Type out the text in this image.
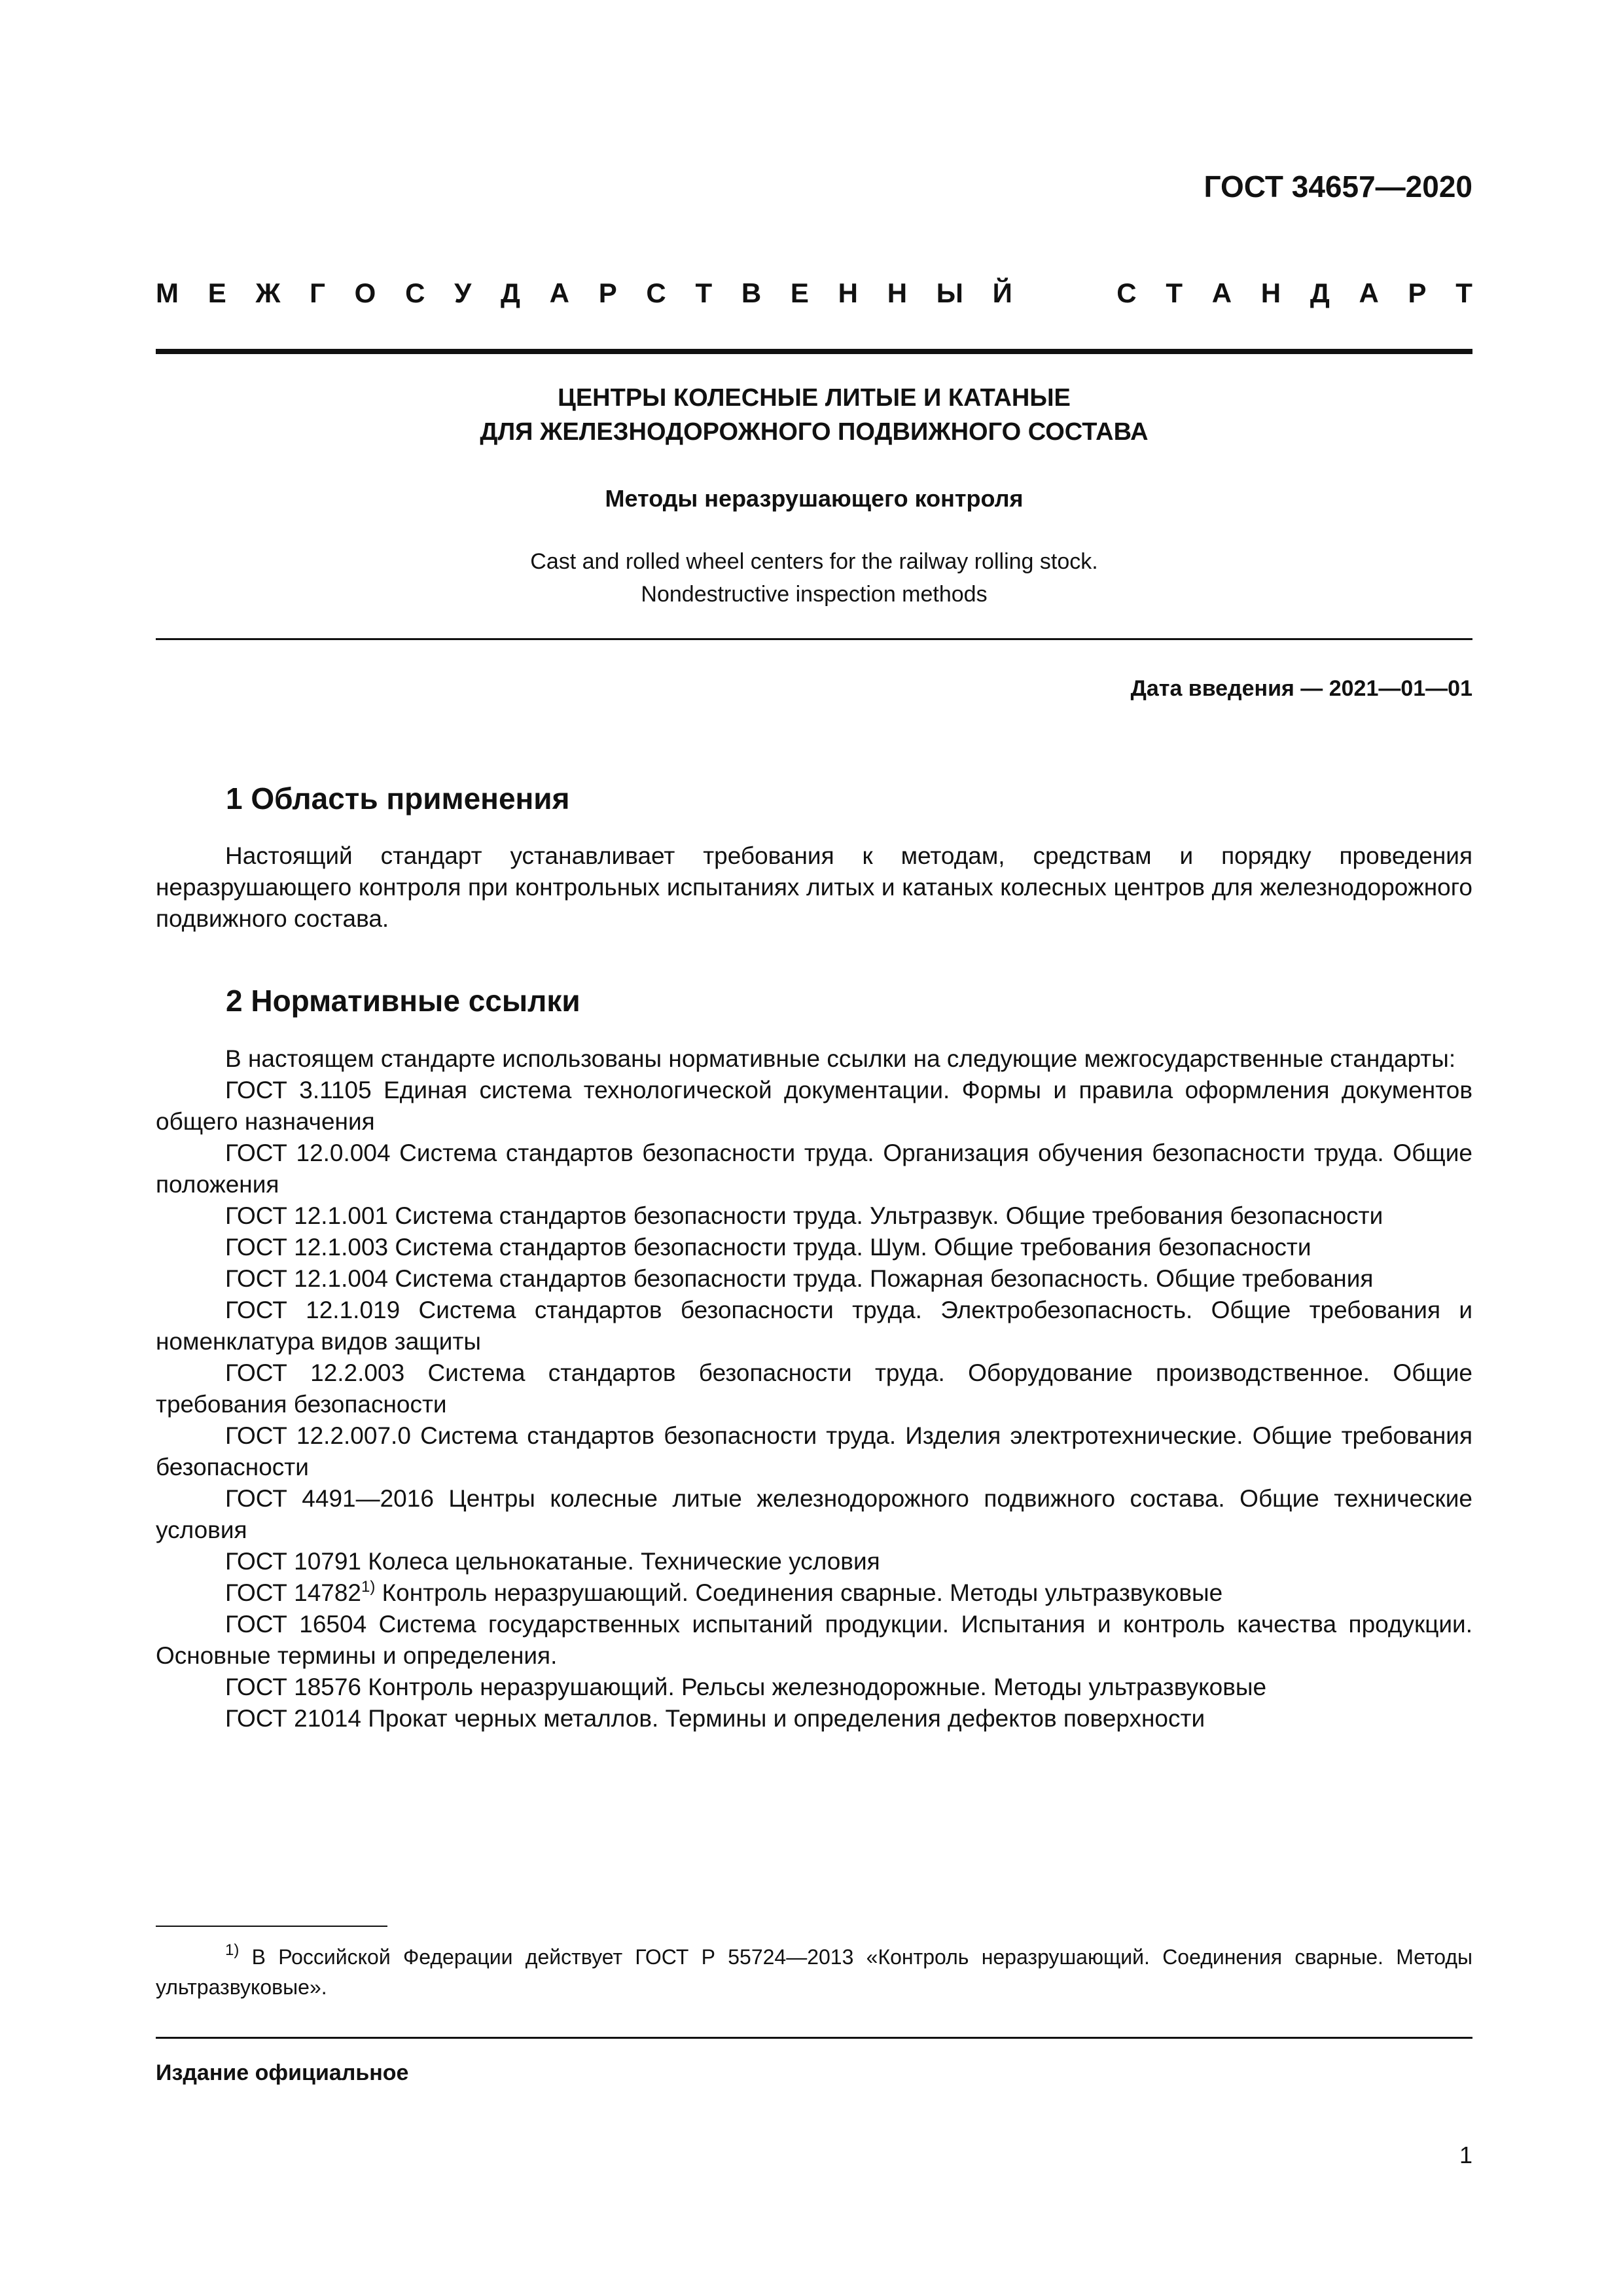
ГОСТ 34657—2020
М Е Ж Г О С У Д А Р С Т В Е Н Н Ы Й	С Т А Н Д А Р Т
ЦЕНТРЫ КОЛЕСНЫЕ ЛИТЫЕ И КАТАНЫЕ
ДЛЯ ЖЕЛЕЗНОДОРОЖНОГО ПОДВИЖНОГО СОСТАВА
Методы неразрушающего контроля
Cast and rolled wheel centers for the railway rolling stock.
Nondestructive inspection methods
Дата введения — 2021—01—01
1 Область применения

Настоящий стандарт устанавливает требования к методам, средствам и порядку проведения неразрушающего контроля при контрольных испытаниях литых и катаных колесных центров для железнодорожного подвижного состава.

2 Нормативные ссылки

В настоящем стандарте использованы нормативные ссылки на следующие межгосударственные стандарты:

ГОСТ 3.1105 Единая система технологической документации. Формы и правила оформления документов общего назначения

ГОСТ 12.0.004 Система стандартов безопасности труда. Организация обучения безопасности труда. Общие положения

ГОСТ 12.1.001 Система стандартов безопасности труда. Ультразвук. Общие требования безопасности

ГОСТ 12.1.003 Система стандартов безопасности труда. Шум. Общие требования безопасности

ГОСТ 12.1.004 Система стандартов безопасности труда. Пожарная безопасность. Общие требования

ГОСТ 12.1.019 Система стандартов безопасности труда. Электробезопасность. Общие требования и номенклатура видов защиты

ГОСТ 12.2.003 Система стандартов безопасности труда. Оборудование производственное. Общие требования безопасности

ГОСТ 12.2.007.0 Система стандартов безопасности труда. Изделия электротехнические. Общие требования безопасности

ГОСТ 4491—2016 Центры колесные литые железнодорожного подвижного состава. Общие технические условия

ГОСТ 10791 Колеса цельнокатаные. Технические условия

ГОСТ 14782$^{1)}$ Контроль неразрушающий. Соединения сварные. Методы ультразвуковые

ГОСТ 16504 Система государственных испытаний продукции. Испытания и контроль качества продукции. Основные термины и определения.

ГОСТ 18576 Контроль неразрушающий. Рельсы железнодорожные. Методы ультразвуковые

ГОСТ 21014 Прокат черных металлов. Термины и определения дефектов поверхности

$^{1)}$ В Российской Федерации действует ГОСТ Р 55724—2013 «Контроль неразрушающий. Соединения сварные. Методы ультразвуковые».

Издание официальное
1
